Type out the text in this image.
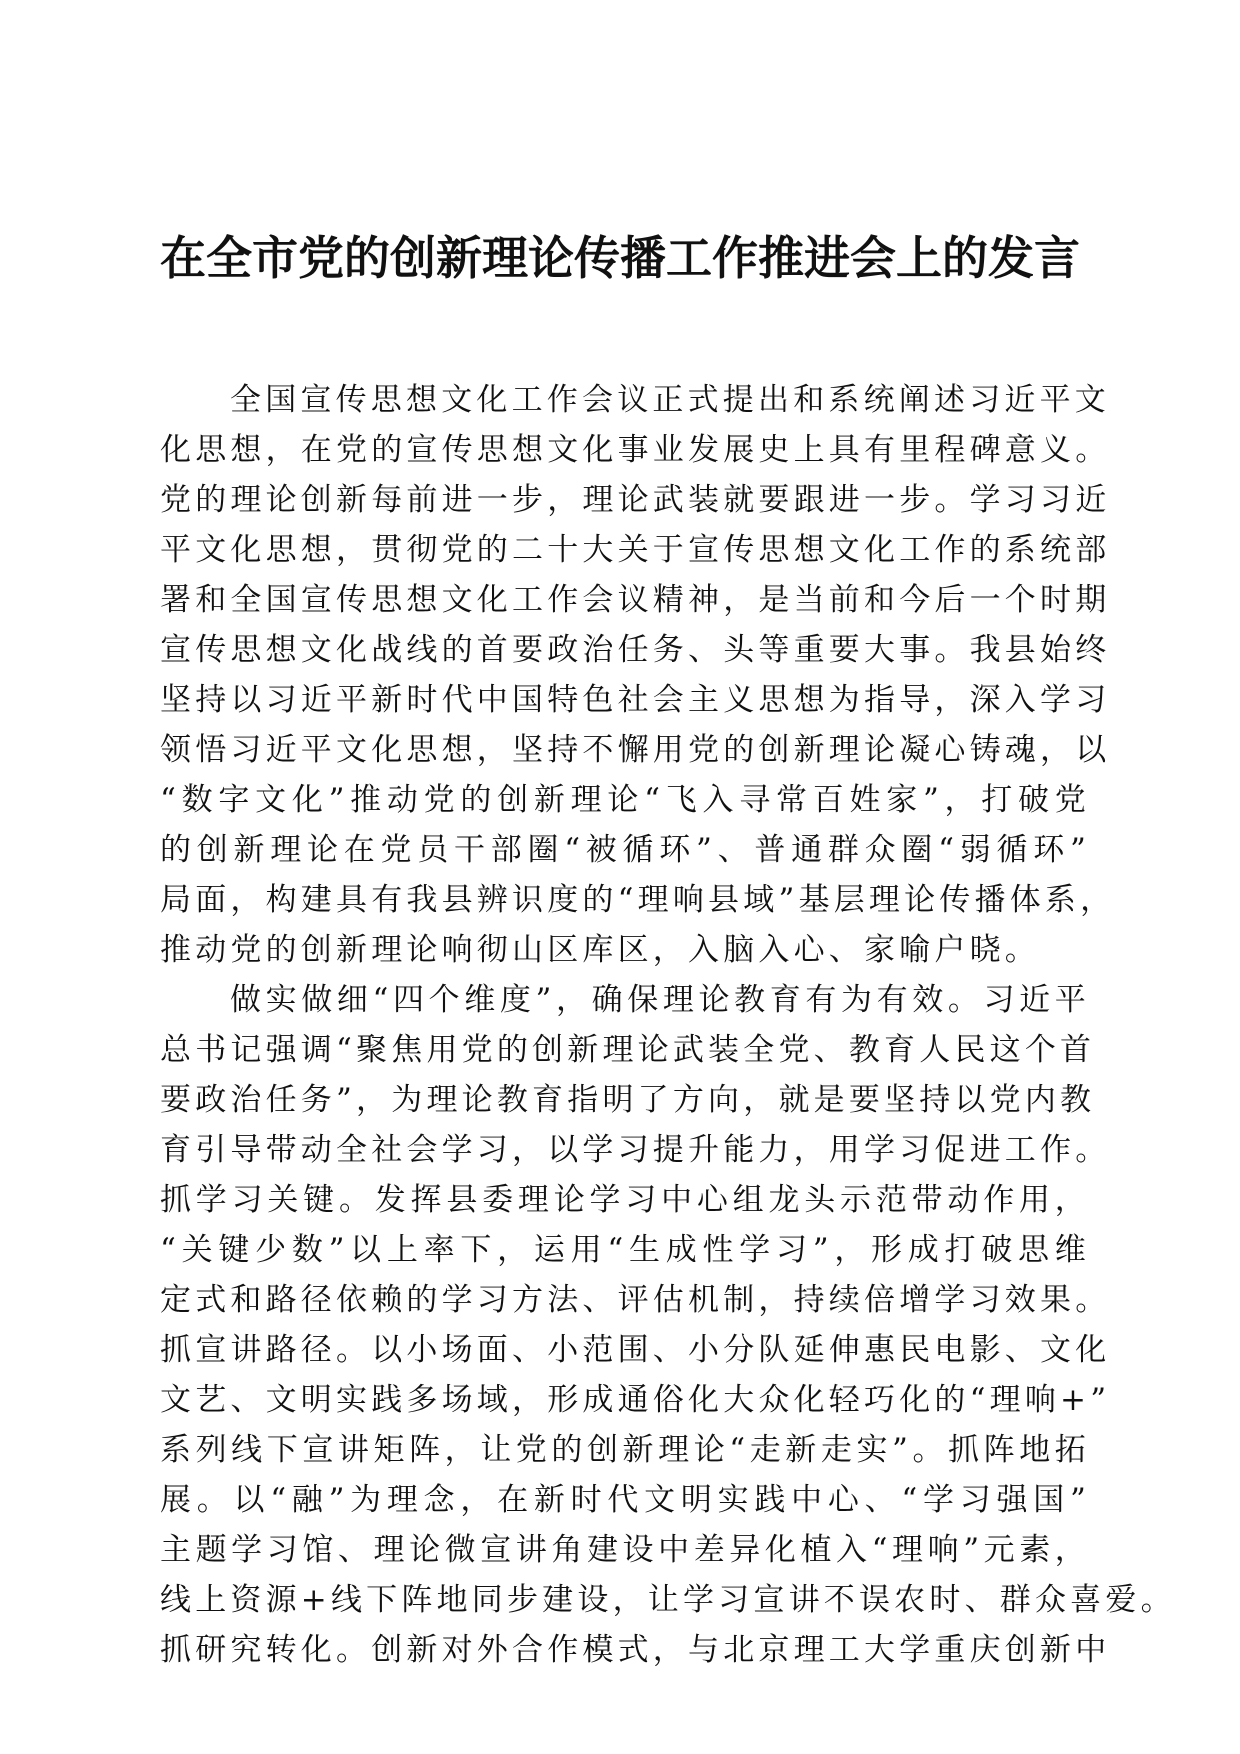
在全市党的创新理论传播工作推进会上的发言
全国宣传思想文化工作会议正式提出和系统阐述习近平文
化思想，在党的宣传思想文化事业发展史上具有里程碑意义。
党的理论创新每前进一步，理论武装就要跟进一步。学习习近
平文化思想，贯彻党的二十大关于宣传思想文化工作的系统部
署和全国宣传思想文化工作会议精神，是当前和今后一个时期
宣传思想文化战线的首要政治任务、头等重要大事。我县始终
坚持以习近平新时代中国特色社会主义思想为指导，深入学习
领悟习近平文化思想，坚持不懈用党的创新理论凝心铸魂，以
“数字文化”推动党的创新理论“飞入寻常百姓家”，打破党
的创新理论在党员干部圈“被循环”、普通群众圈“弱循环”
局面，构建具有我县辨识度的“理响县域”基层理论传播体系，
推动党的创新理论响彻山区库区，入脑入心、家喻户晓。
做实做细“四个维度”，确保理论教育有为有效。习近平
总书记强调“聚焦用党的创新理论武装全党、教育人民这个首
要政治任务”，为理论教育指明了方向，就是要坚持以党内教
育引导带动全社会学习，以学习提升能力，用学习促进工作。
抓学习关键。发挥县委理论学习中心组龙头示范带动作用，
“关键少数”以上率下，运用“生成性学习”，形成打破思维
定式和路径依赖的学习方法、评估机制，持续倍增学习效果。
抓宣讲路径。以小场面、小范围、小分队延伸惠民电影、文化
文艺、文明实践多场域，形成通俗化大众化轻巧化的“理响+”
系列线下宣讲矩阵，让党的创新理论“走新走实”。抓阵地拓
展。以“融”为理念，在新时代文明实践中心、“学习强国”
主题学习馆、理论微宣讲角建设中差异化植入“理响”元素，
线上资源+线下阵地同步建设，让学习宣讲不误农时、群众喜爱。
抓研究转化。创新对外合作模式，与北京理工大学重庆创新中
